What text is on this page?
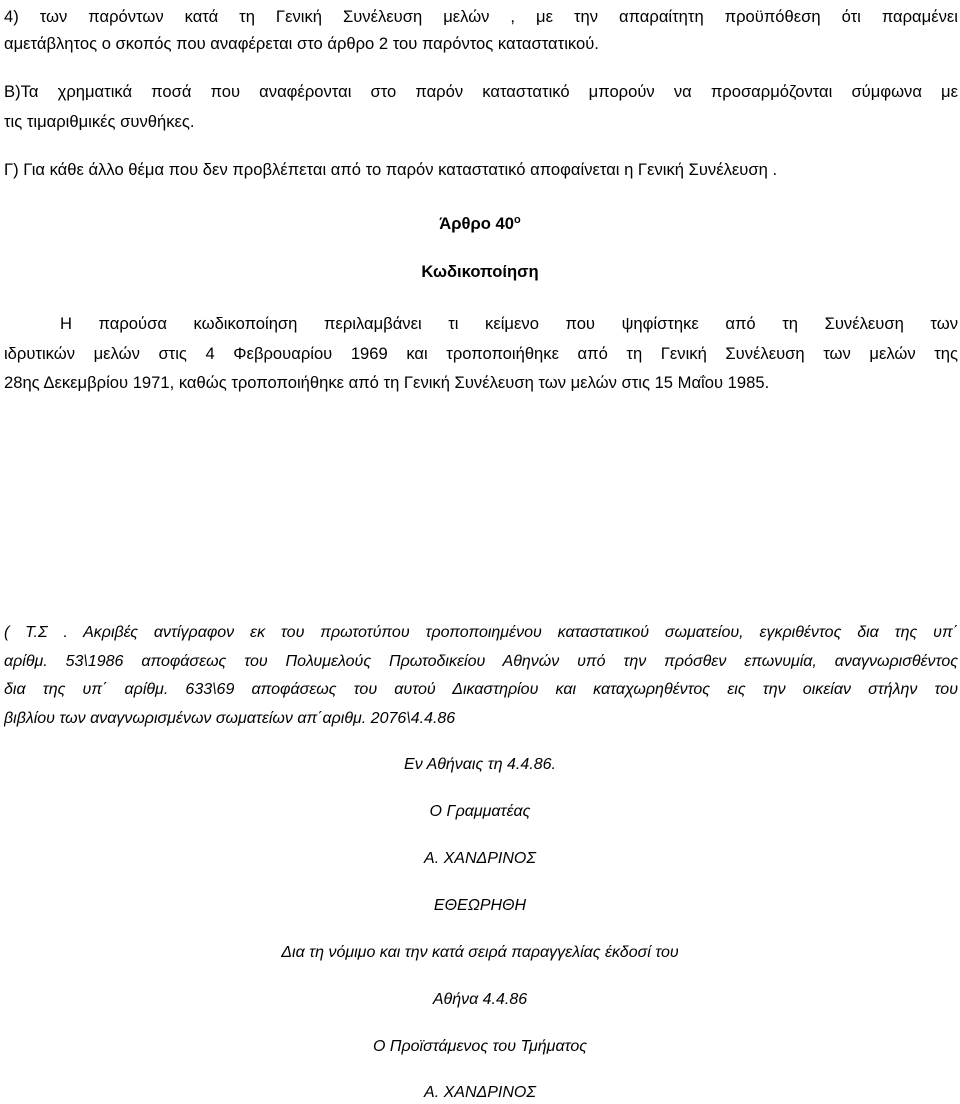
4) των παρόντων κατά τη Γενική Συνέλευση μελών , με την απαραίτητη προϋπόθεση ότι παραμένει
αμετάβλητος ο σκοπός που αναφέρεται στο άρθρο 2 του παρόντος καταστατικού.
Β)Τα χρηματικά ποσά που αναφέρονται στο παρόν καταστατικό μπορούν να προσαρμόζονται σύμφωνα με
τις τιμαριθμικές συνθήκες.
Γ) Για κάθε άλλο θέμα που δεν προβλέπεται από το παρόν καταστατικό αποφαίνεται η Γενική Συνέλευση .
Άρθρο $40^o$
Κωδικοποίηση
Η παρούσα κωδικοποίηση περιλαμβάνει τι κείμενο που ψηφίστηκε από τη Συνέλευση των
ιδρυτικών μελών στις 4 Φεβρουαρίου 1969 και τροποποιήθηκε από τη Γενική Συνέλευση των μελών της
28ης Δεκεμβρίου 1971, καθώς τροποποιήθηκε από τη Γενική Συνέλευση των μελών στις 15 Μαΐου 1985.
( Τ.Σ . Ακριβές αντίγραφον εκ του πρωτοτύπου τροποποιημένου καταστατικού σωματείου, εγκριθέντος δια της υπ΄
αρίθμ. 53\1986 αποφάσεως του Πολυμελούς Πρωτοδικείου Αθηνών υπό την πρόσθεν επωνυμία, αναγνωρισθέντος
δια της υπ΄ αρίθμ. 633\69 αποφάσεως του αυτού Δικαστηρίου και καταχωρηθέντος εις την οικείαν στήλην του
βιβλίου των αναγνωρισμένων σωματείων απ΄αριθμ. 2076\4.4.86
Εν Αθήναις τη 4.4.86.
Ο Γραμματέας
Α. ΧΑΝΔΡΙΝΟΣ
ΕΘΕΩΡΗΘΗ
Δια τη νόμιμο και την κατά σειρά παραγγελίας έκδοσί του
Αθήνα 4.4.86
Ο Προϊστάμενος του Τμήματος
Α. ΧΑΝΔΡΙΝΟΣ
